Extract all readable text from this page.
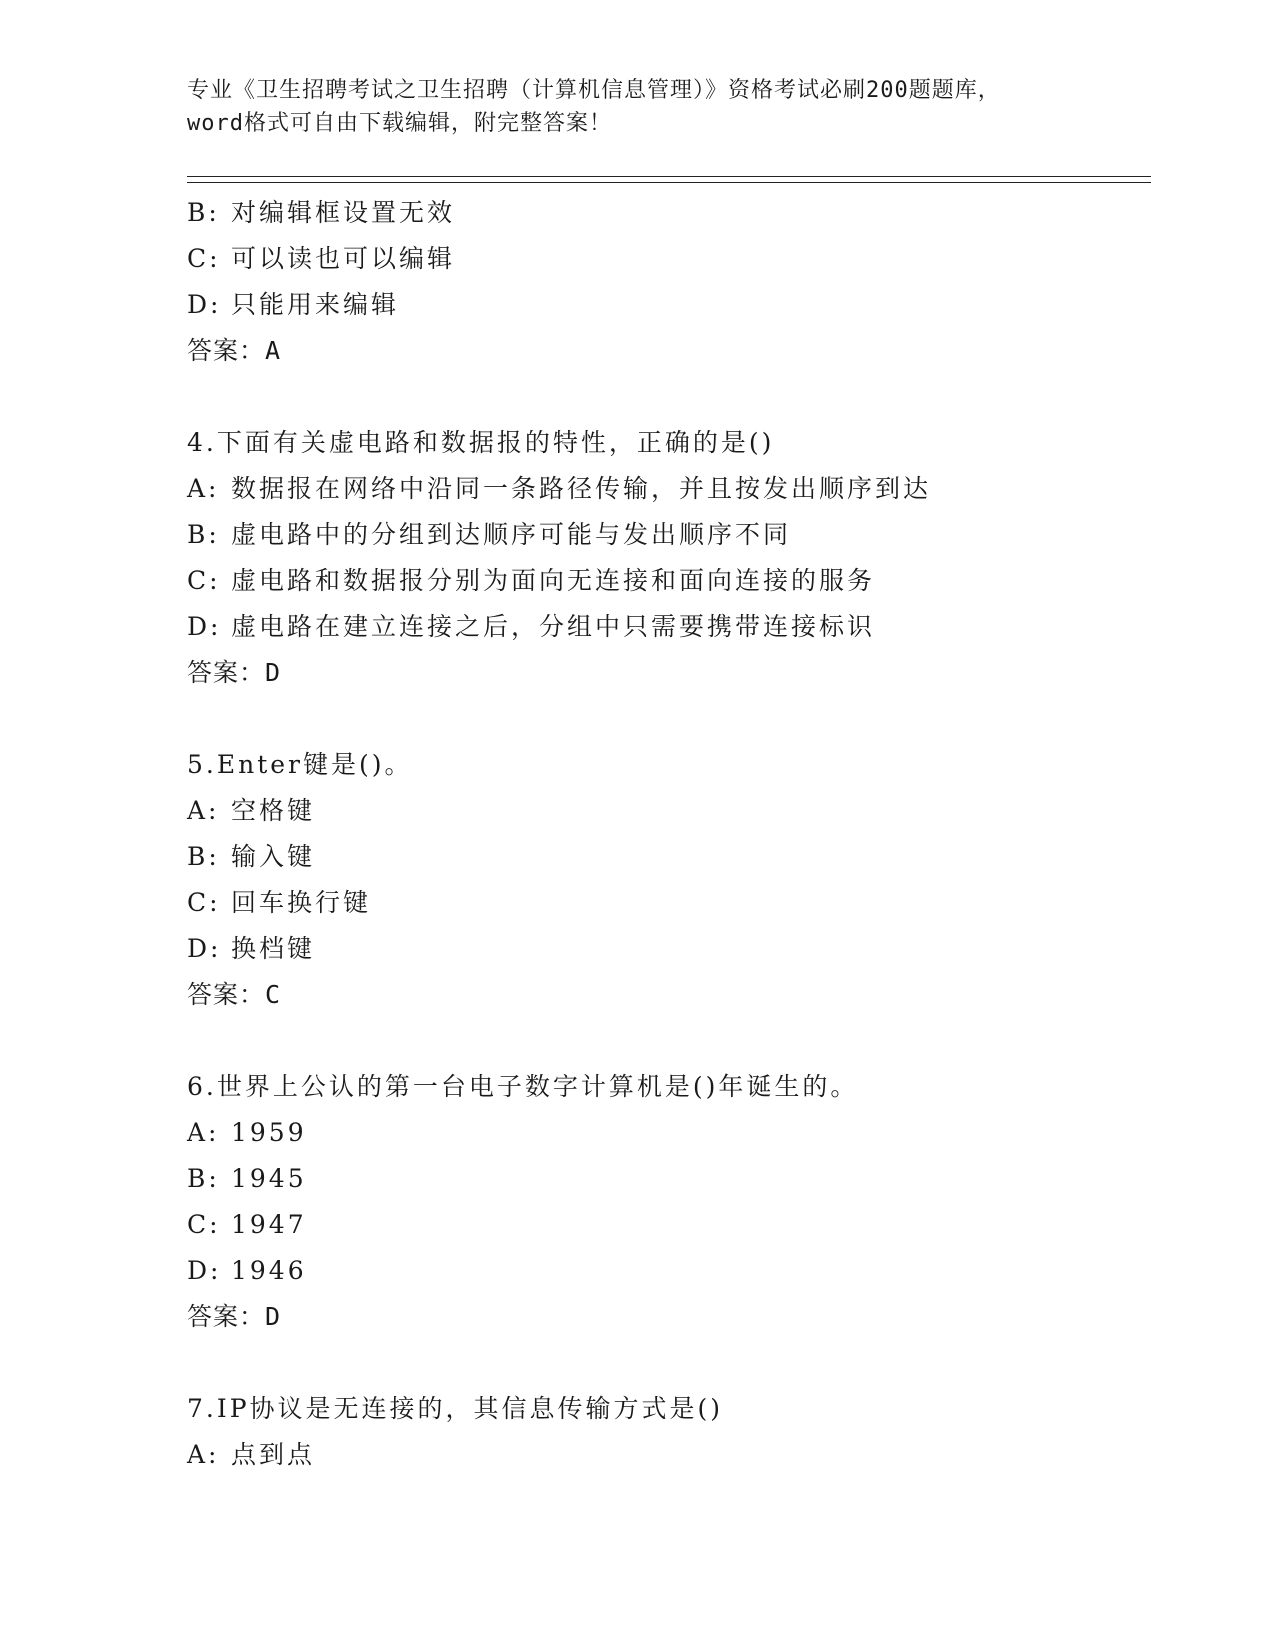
专业《卫生招聘考试之卫生招聘（计算机信息管理）》资格考试必刷200题题库，
word格式可自由下载编辑，附完整答案！
B: 对编辑框设置无效
C: 可以读也可以编辑
D: 只能用来编辑
答案：A
4.下面有关虚电路和数据报的特性，正确的是()
A: 数据报在网络中沿同一条路径传输，并且按发出顺序到达
B: 虚电路中的分组到达顺序可能与发出顺序不同
C: 虚电路和数据报分别为面向无连接和面向连接的服务
D: 虚电路在建立连接之后，分组中只需要携带连接标识
答案：D
5.Enter键是()。
A: 空格键
B: 输入键
C: 回车换行键
D: 换档键
答案：C
6.世界上公认的第一台电子数字计算机是()年诞生的。
A: 1959
B: 1945
C: 1947
D: 1946
答案：D
7.IP协议是无连接的，其信息传输方式是()
A: 点到点
